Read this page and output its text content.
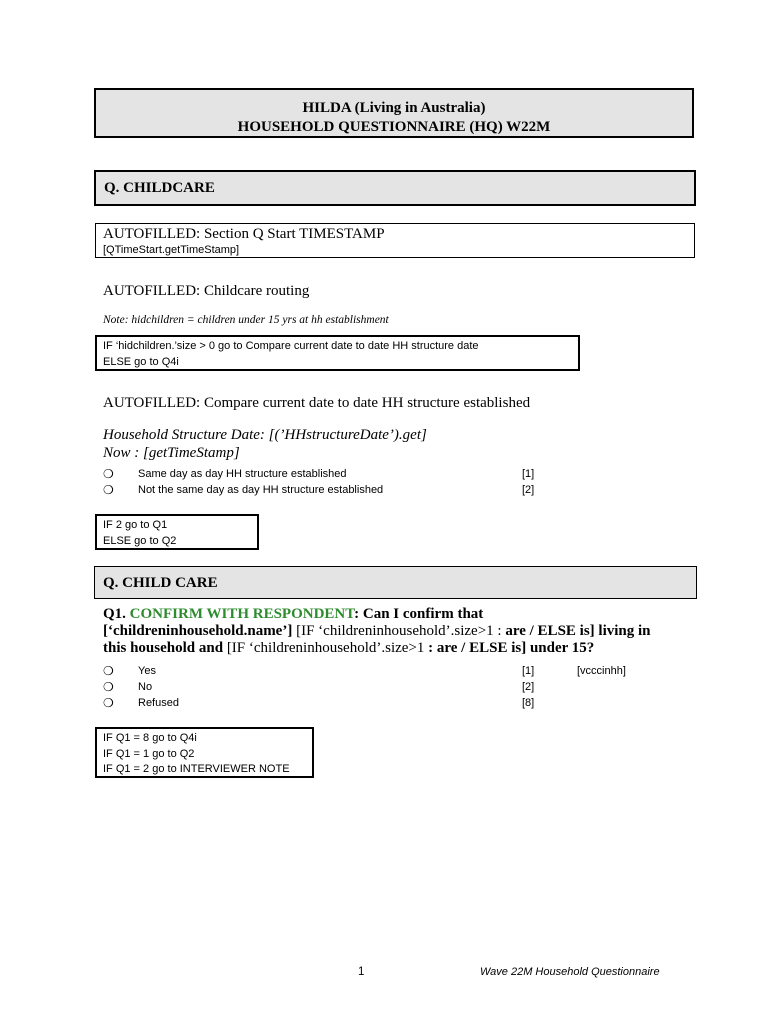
HILDA (Living in Australia)
HOUSEHOLD QUESTIONNAIRE (HQ) W22M
Q. CHILDCARE
AUTOFILLED: Section Q Start TIMESTAMP
[QTimeStart.getTimeStamp]
AUTOFILLED: Childcare routing
Note: hidchildren = children under 15 yrs at hh establishment
IF ‘hidchildren.’size > 0 go to Compare current date to date HH structure date
ELSE go to Q4i
AUTOFILLED: Compare current date to date HH structure established
Household Structure Date: [(’HHstructureDate’).get]
Now : [getTimeStamp]
❍ Same day as day HH structure established	[1]
❍ Not the same day as day HH structure established	[2]
IF 2 go to Q1
ELSE go to Q2
Q. CHILD CARE
Q1. CONFIRM WITH RESPONDENT: Can I confirm that
[‘childreninhousehold.name’] [IF ‘childreninhousehold’.size>1 : are / ELSE is] living in
this household and [IF ‘childreninhousehold’.size>1 : are / ELSE is] under 15?
❍ Yes	[1]	[vcccinhh]
❍ No	[2]
❍ Refused	[8]
IF Q1 = 8 go to Q4i
IF Q1 = 1 go to Q2
IF Q1 = 2 go to INTERVIEWER NOTE
1	Wave 22M Household Questionnaire
